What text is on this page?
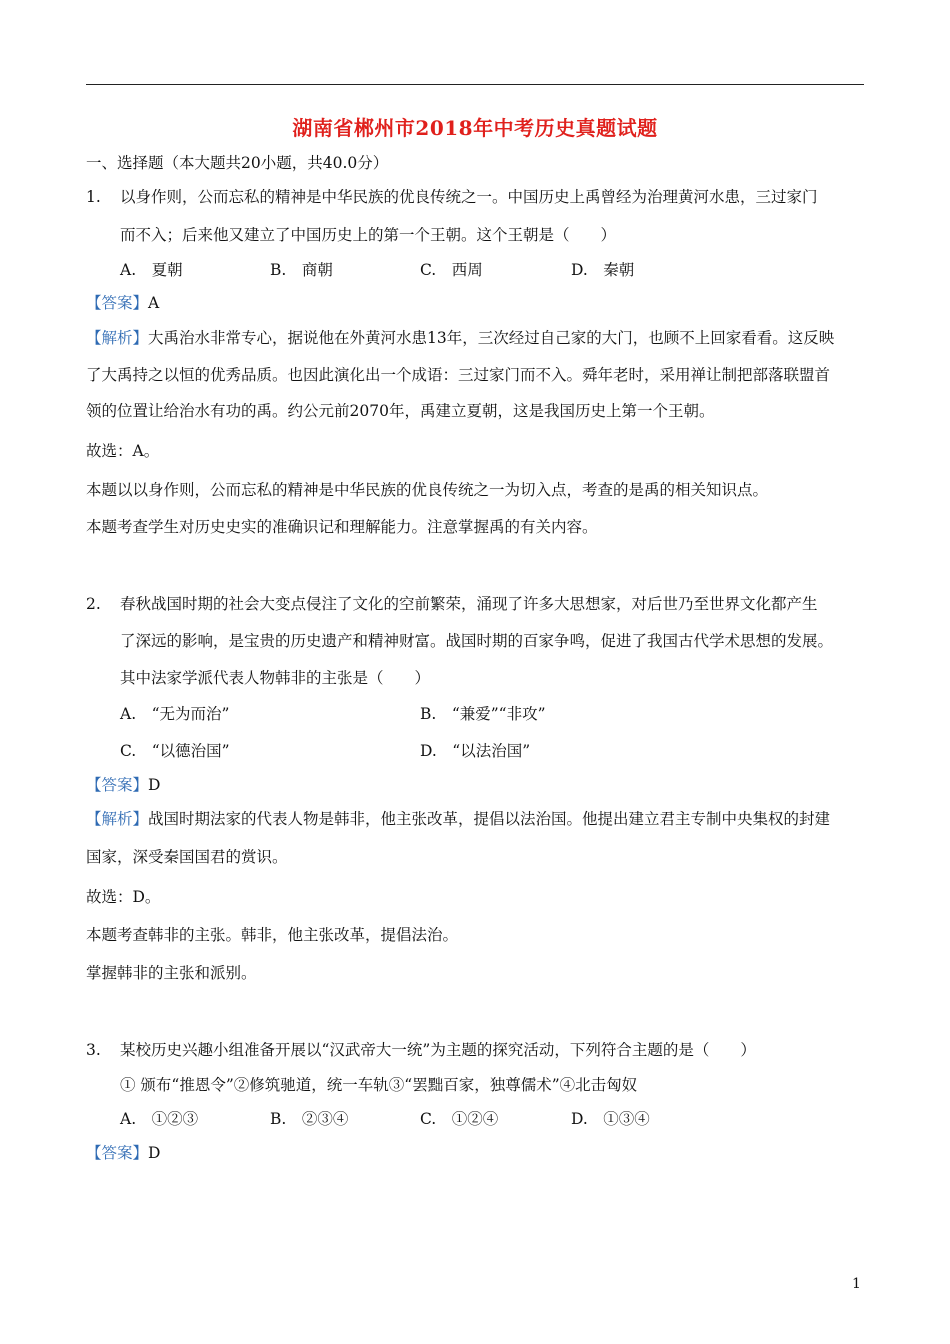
湖南省郴州市2018年中考历史真题试题
一、选择题（本大题共20小题，共40.0分）
1. 以身作则，公而忘私的精神是中华民族的优良传统之一。中国历史上禹曾经为治理黄河水患，三过家门
而不入；后来他又建立了中国历史上的第一个王朝。这个王朝是（　　）
A.　夏朝	B.　商朝	C.　西周	D.　秦朝
【答案】A
【解析】大禹治水非常专心，据说他在外黄河水患13年，三次经过自己家的大门，也顾不上回家看看。这反映
了大禹持之以恒的优秀品质。也因此演化出一个成语：三过家门而不入。舜年老时，采用禅让制把部落联盟首
领的位置让给治水有功的禹。约公元前2070年，禹建立夏朝，这是我国历史上第一个王朝。
故选：A。
本题以以身作则，公而忘私的精神是中华民族的优良传统之一为切入点，考查的是禹的相关知识点。
本题考查学生对历史史实的准确识记和理解能力。注意掌握禹的有关内容。
2. 春秋战国时期的社会大变点侵注了文化的空前繁荣，涌现了许多大思想家，对后世乃至世界文化都产生
了深远的影响，是宝贵的历史遗产和精神财富。战国时期的百家争鸣，促进了我国古代学术思想的发展。
其中法家学派代表人物韩非的主张是（　　）
A.　“无为而治”	B.　“兼爱”“非攻”
C.　“以德治国”	D.　“以法治国”
【答案】D
【解析】战国时期法家的代表人物是韩非，他主张改革，提倡以法治国。他提出建立君主专制中央集权的封建
国家，深受秦国国君的赏识。
故选：D。
本题考查韩非的主张。韩非，他主张改革，提倡法治。
掌握韩非的主张和派别。
3. 某校历史兴趣小组准备开展以“汉武帝大一统”为主题的探究活动，下列符合主题的是（　　）
① 颁布“推恩令”②修筑驰道，统一车轨③“罢黜百家，独尊儒术”④北击匈奴
A.　①②③	B.　②③④	C.　①②④	D.　①③④
【答案】D
1
